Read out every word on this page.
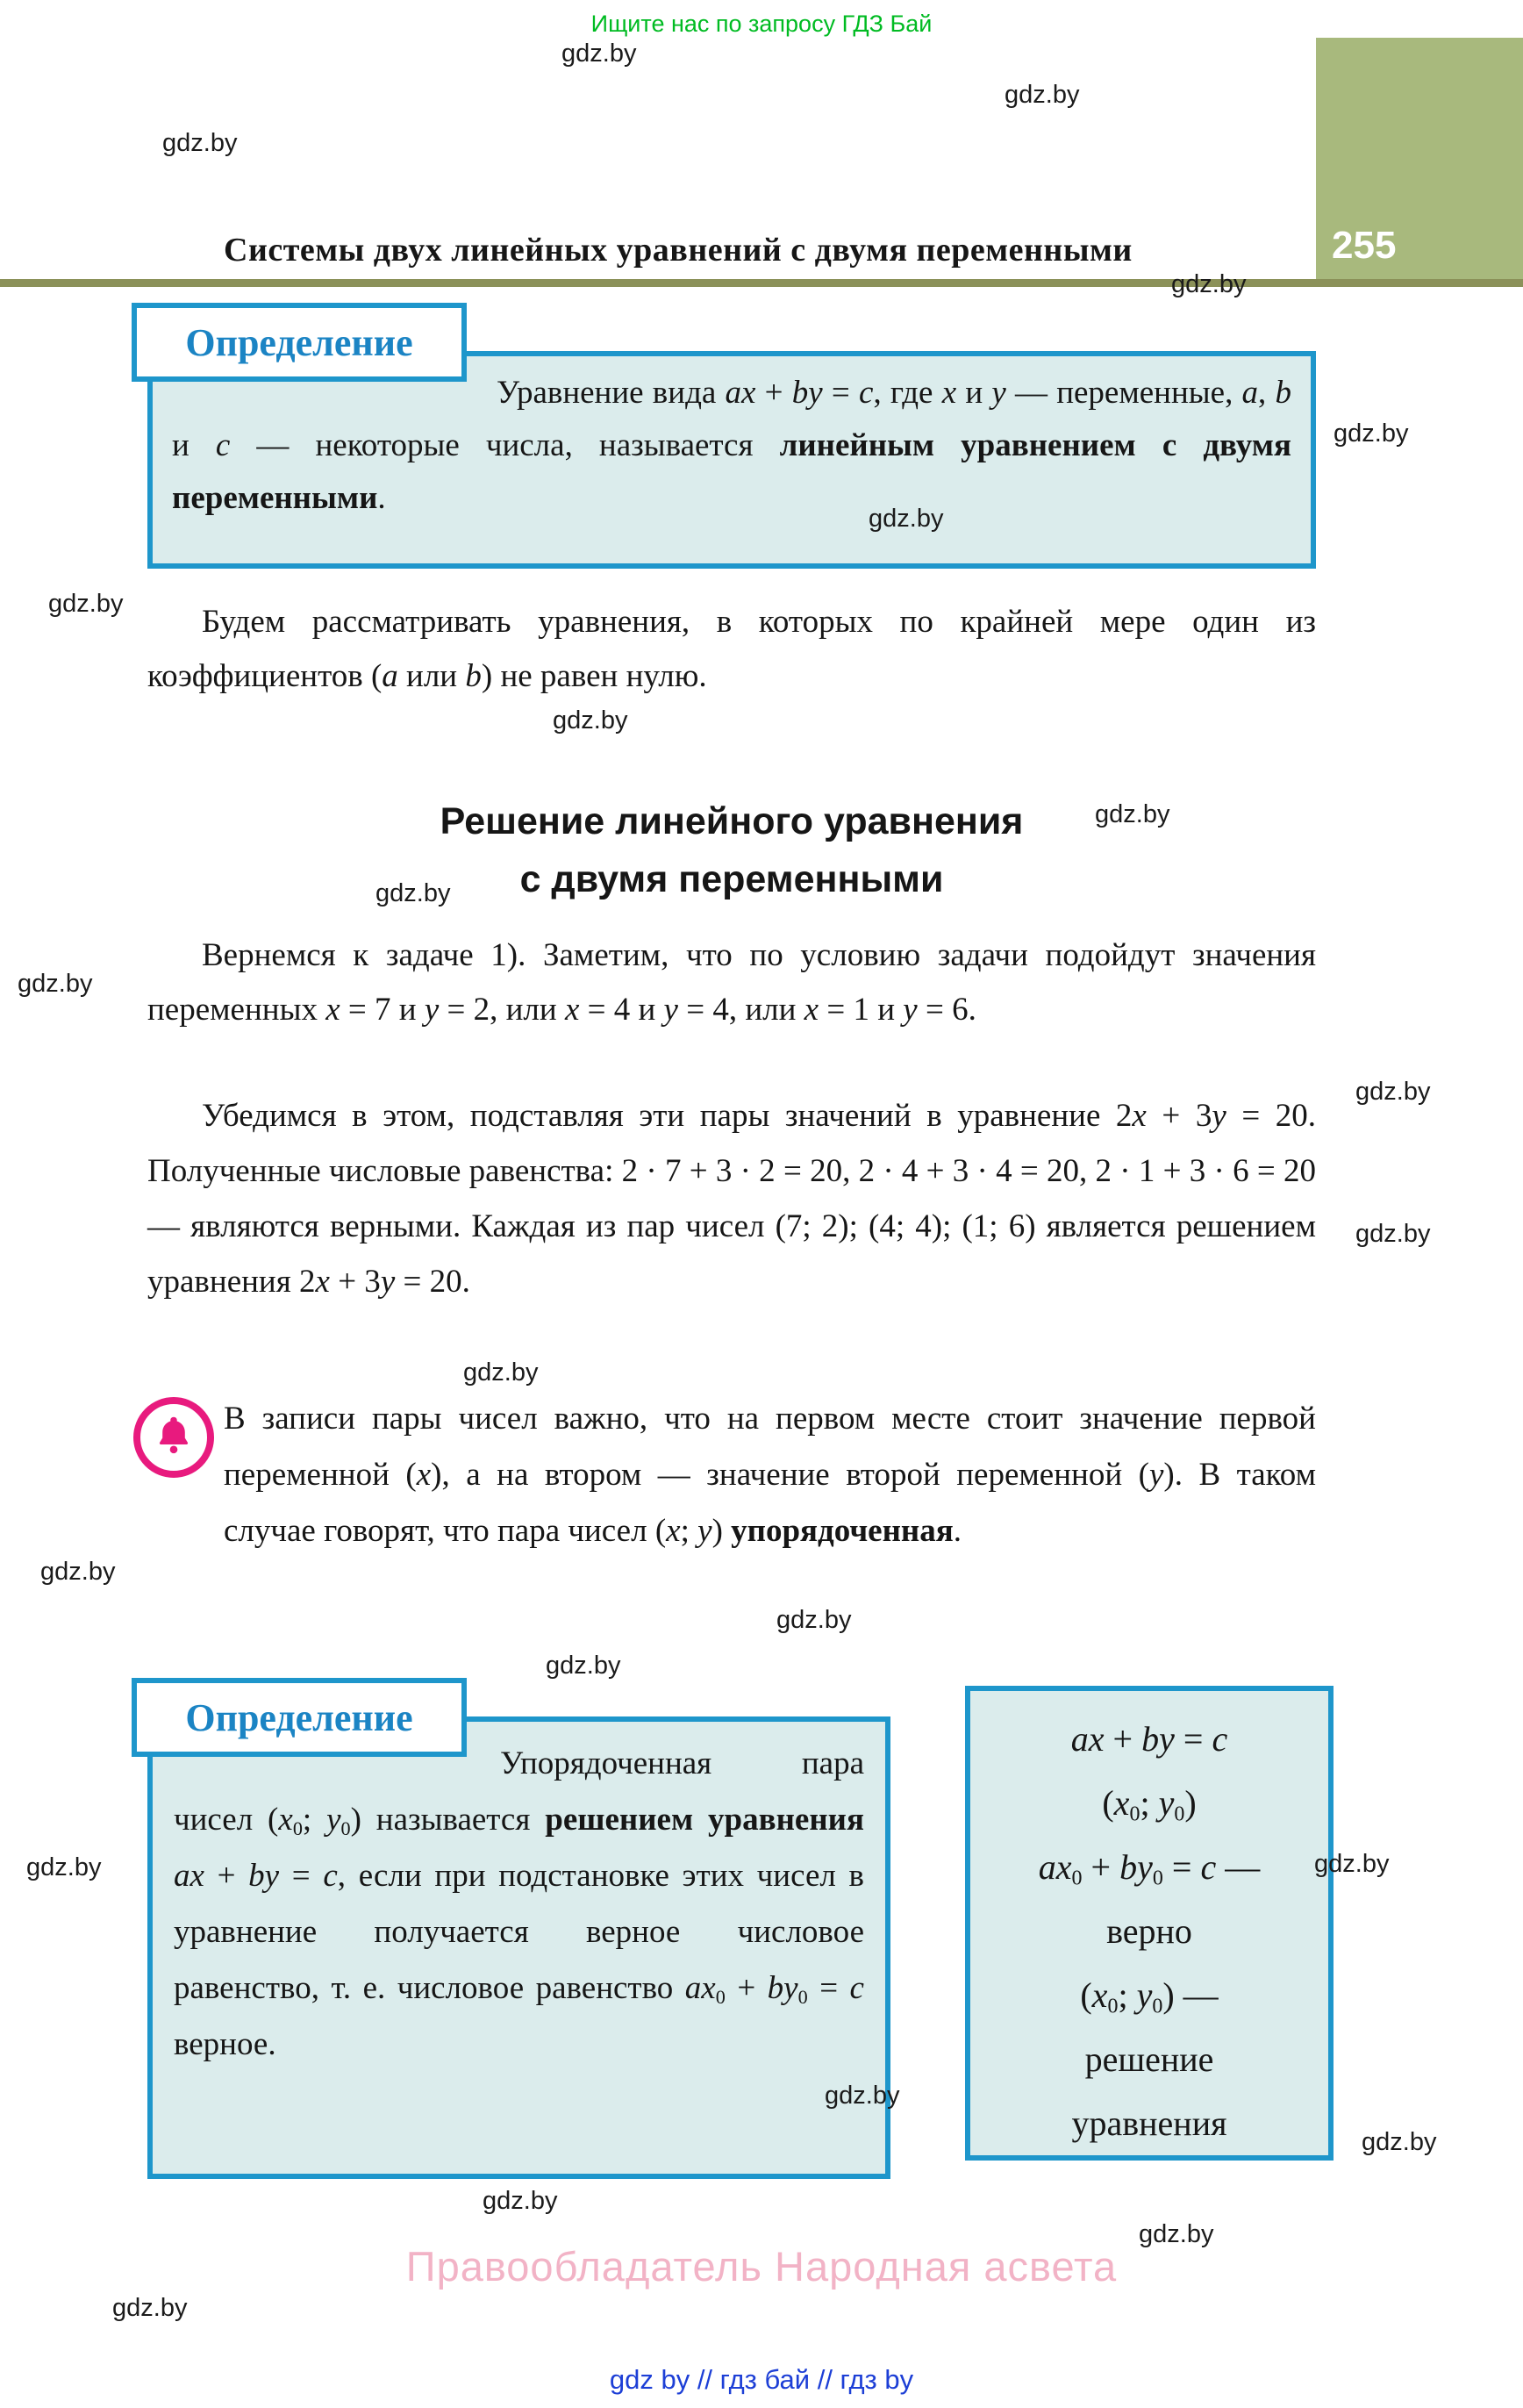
Ищите нас по запросу ГДЗ Бай
255
Системы двух линейных уравнений с двумя переменными
Определение
Уравнение вида ax + by = c, где x и y — переменные, a, b и c — некоторые числа, называется линейным уравнением с двумя переменными.
Будем рассматривать уравнения, в которых по крайней мере один из коэффициентов (a или b) не равен нулю.
Решение линейного уравнения
с двумя переменными
Вернемся к задаче 1). Заметим, что по условию задачи подойдут значения переменных x = 7 и y = 2, или x = 4 и y = 4, или x = 1 и y = 6.
Убедимся в этом, подставляя эти пары значений в уравнение 2x + 3y = 20. Полученные числовые равенства: 2 · 7 + 3 · 2 = 20, 2 · 4 + 3 · 4 = 20, 2 · 1 + 3 · 6 = 20 — являются верными. Каждая из пар чисел (7; 2); (4; 4); (1; 6) является решением уравнения 2x + 3y = 20.
В записи пары чисел важно, что на первом месте стоит значение первой переменной (x), а на втором — значение второй переменной (y). В таком случае говорят, что пара чисел (x; y) упорядоченная.
Определение
Упорядоченная пара чисел ($x_0$; $y_0$) называется решением уравнения ax + by = c, если при подстановке этих чисел в уравнение получается верное числовое равенство, т. е. числовое равенство $ax_0 + by_0 = c$ верное.
ax + by = c
($x_0$; $y_0$)
$ax_0 + by_0 = c$ —
верно
($x_0$; $y_0$) —
решение
уравнения
Правообладатель Народная асвета
gdz by // гдз бай // гдз by
gdz.by
gdz.by
gdz.by
gdz.by
gdz.by
gdz.by
gdz.by
gdz.by
gdz.by
gdz.by
gdz.by
gdz.by
gdz.by
gdz.by
gdz.by
gdz.by
gdz.by
gdz.by	gdz.by
gdz.by
gdz.by
gdz.by
gdz.by
gdz.by
